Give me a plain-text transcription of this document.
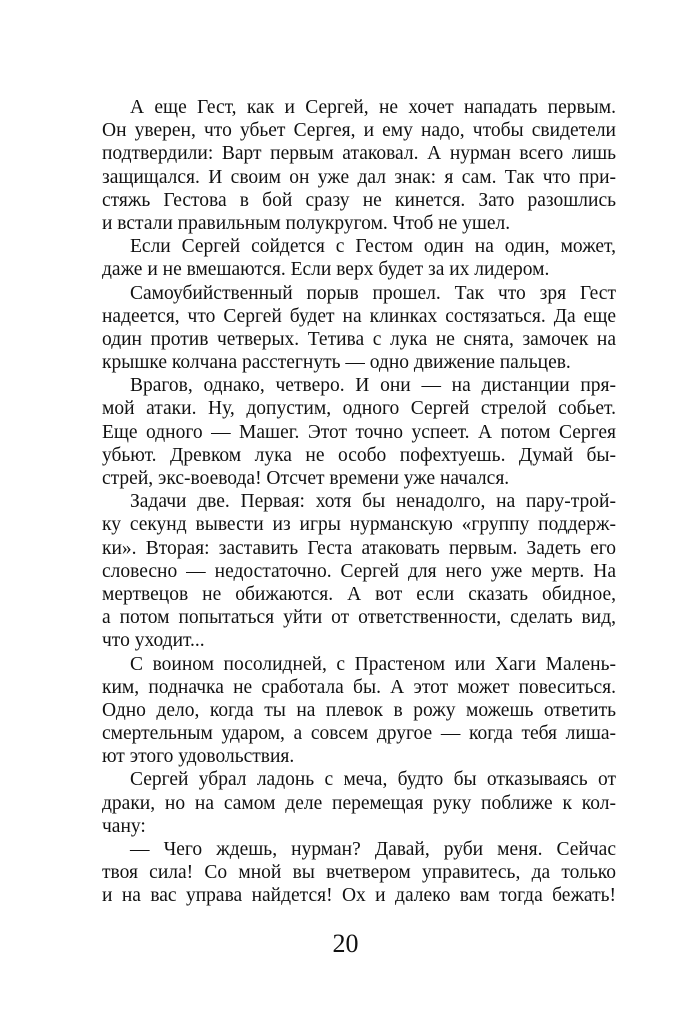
А еще Гест, как и Сергей, не хочет нападать первым.
Он уверен, что убьет Сергея, и ему надо, чтобы свидетели
подтвердили: Варт первым атаковал. А нурман всего лишь
защищался. И своим он уже дал знак: я сам. Так что при-
стяжь Гестова в бой сразу не кинется. Зато разошлись
и встали правильным полукругом. Чтоб не ушел.
Если Сергей сойдется с Гестом один на один, может,
даже и не вмешаются. Если верх будет за их лидером.
Самоубийственный порыв прошел. Так что зря Гест
надеется, что Сергей будет на клинках состязаться. Да еще
один против четверых. Тетива с лука не снята, замочек на
крышке колчана расстегнуть — одно движение пальцев.
Врагов, однако, четверо. И они — на дистанции пря-
мой атаки. Ну, допустим, одного Сергей стрелой собьет.
Еще одного — Машег. Этот точно успеет. А потом Сергея
убьют. Древком лука не особо пофехтуешь. Думай бы-
стрей, экс-воевода! Отсчет времени уже начался.
Задачи две. Первая: хотя бы ненадолго, на пару-трой-
ку секунд вывести из игры нурманскую «группу поддерж-
ки». Вторая: заставить Геста атаковать первым. Задеть его
словесно — недостаточно. Сергей для него уже мертв. На
мертвецов не обижаются. А вот если сказать обидное,
а потом попытаться уйти от ответственности, сделать вид,
что уходит...
С воином посолидней, с Прастеном или Хаги Малень-
ким, подначка не сработала бы. А этот может повеситься.
Одно дело, когда ты на плевок в рожу можешь ответить
смертельным ударом, а совсем другое — когда тебя лиша-
ют этого удовольствия.
Сергей убрал ладонь с меча, будто бы отказываясь от
драки, но на самом деле перемещая руку поближе к кол-
чану:
— Чего ждешь, нурман? Давай, руби меня. Сейчас
твоя сила! Со мной вы вчетвером управитесь, да только
и на вас управа найдется! Ох и далеко вам тогда бежать!
20
